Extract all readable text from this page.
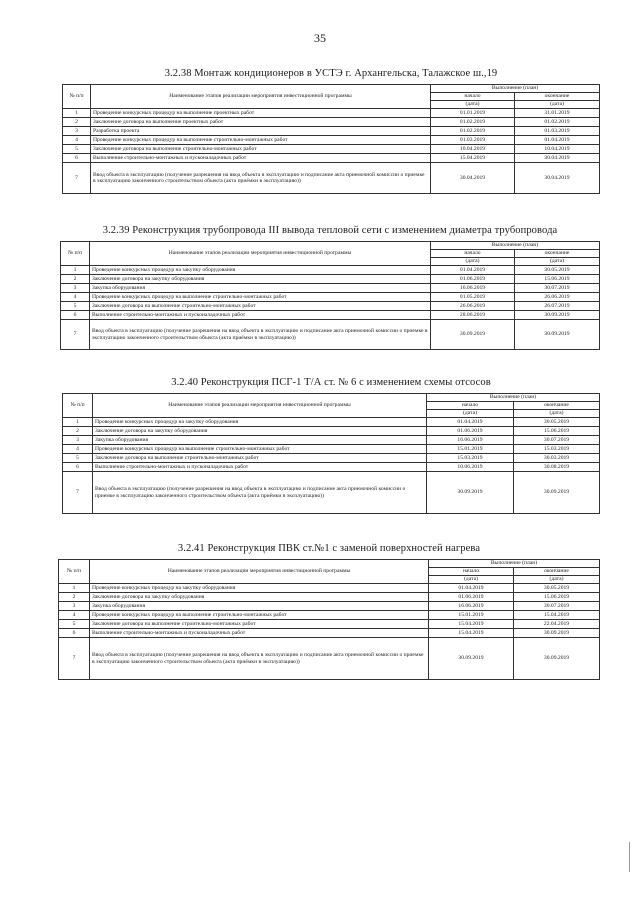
35
3.2.38 Монтаж кондиционеров в УСТЭ г. Архангельска, Талажское ш.,19
№ п/п	Наименование этапов реализации мероприятия инвестиционной программы	Выполнение (план)	
		начало	окончание
		(дата)	(дата)
1	Проведение конкурсных процедур на выполнение проектных работ	01.01.2019	31.01.2019
2	Заключение договора на выполнение проектных работ	01.02.2019	01.02.2019
3	Разработка проекта	01.02.2019	01.03.2019
4	Проведение конкурсных процедур на выполнение строительно-монтажных работ	01.03.2019	01.04.2019
5	Заключение договора на выполнение строительно-монтажных работ	10.04.2019	10.04.2019
6	Выполнение строительно-монтажных и пусконаладочных работ	15.04.2019	30.04.2019
7	Ввод объекта в эксплуатацию (получение разрешения на ввод объекта в эксплуатацию и подписание акта приемочной комиссии о приемке в эксплуатацию законченного строительством объекта (акта приёмки в эксплуатацию))	30.04.2019	30.04.2019
3.2.39 Реконструкция трубопровода III вывода тепловой сети с изменением диаметра трубопровода
№ п/п	Наименование этапов реализации мероприятия инвестиционной программы	Выполнение (план)	
		начало	окончание
		(дата)	(дата)
1	Проведение конкурсных процедур на закупку оборудования	01.04.2019	30.05.2019
2	Заключение договора на закупку оборудования	01.06.2019	15.06.2019
3	Закупка оборудования	16.06.2019	30.07.2019
4	Проведение конкурсных процедур на выполнение строительно-монтажных работ	01.05.2019	26.06.2019
5	Заключение договора на выполнение строительно-монтажных работ	26.06.2019	26.07.2019
6	Выполнение строительно-монтажных и пусконаладочных работ	28.06.2019	30.09.2019
7	Ввод объекта в эксплуатацию (получение разрешения на ввод объекта в эксплуатацию и подписание акта приемочной комиссии о приемке в эксплуатацию законченного строительством объекта (акта приёмки в эксплуатацию))	30.09.2019	30.09.2019
3.2.40 Реконструкция ПСГ-1 Т/А ст. № 6 с изменением схемы отсосов
№ п/п	Наименование этапов реализации мероприятия инвестиционной программы	Выполнение (план)	
		начало	окончание
		(дата)	(дата)
1	Проведение конкурсных процедур на закупку оборудования	01.04.2019	30.05.2019
2	Заключение договора на закупку оборудования	01.06.2019	15.06.2019
3	Закупка оборудования	16.06.2019	30.07.2019
4	Проведение конкурсных процедур на выполнение строительно-монтажных работ	15.01.2019	15.03.2019
5	Заключение договора на выполнение строительно-монтажных работ	15.03.2019	30.03.2019
6	Выполнение строительно-монтажных и пусконаладочных работ	10.06.2019	30.08.2019
7	Ввод объекта в эксплуатацию (получение разрешения на ввод объекта в эксплуатацию и подписание акта приемочной комиссии о приемке в эксплуатацию законченного строительством объекта (акта приёмки в эксплуатацию))	30.09.2019	30.09.2019
3.2.41 Реконструкция ПВК ст.№1 с заменой поверхностей нагрева
№ п/п	Наименование этапов реализации мероприятия инвестиционной программы	Выполнение (план)	
		начало	окончание
		(дата)	(дата)
1	Проведение конкурсных процедур на закупку оборудования	01.04.2019	30.05.2019
2	Заключение договора на закупку оборудования	01.06.2019	15.06.2019
3	Закупка оборудования	16.06.2019	30.07.2019
4	Проведение конкурсных процедур на выполнение строительно-монтажных работ	15.01.2019	15.04.2019
5	Заключение договора на выполнение строительно-монтажных работ	15.04.2019	22.04.2019
6	Выполнение строительно-монтажных и пусконаладочных работ	15.04.2019	30.09.2019
7	Ввод объекта в эксплуатацию (получение разрешения на ввод объекта в эксплуатацию и подписание акта приемочной комиссии о приемке в эксплуатацию законченного строительством объекта (акта приёмки в эксплуатацию))	30.09.2019	30.09.2019
